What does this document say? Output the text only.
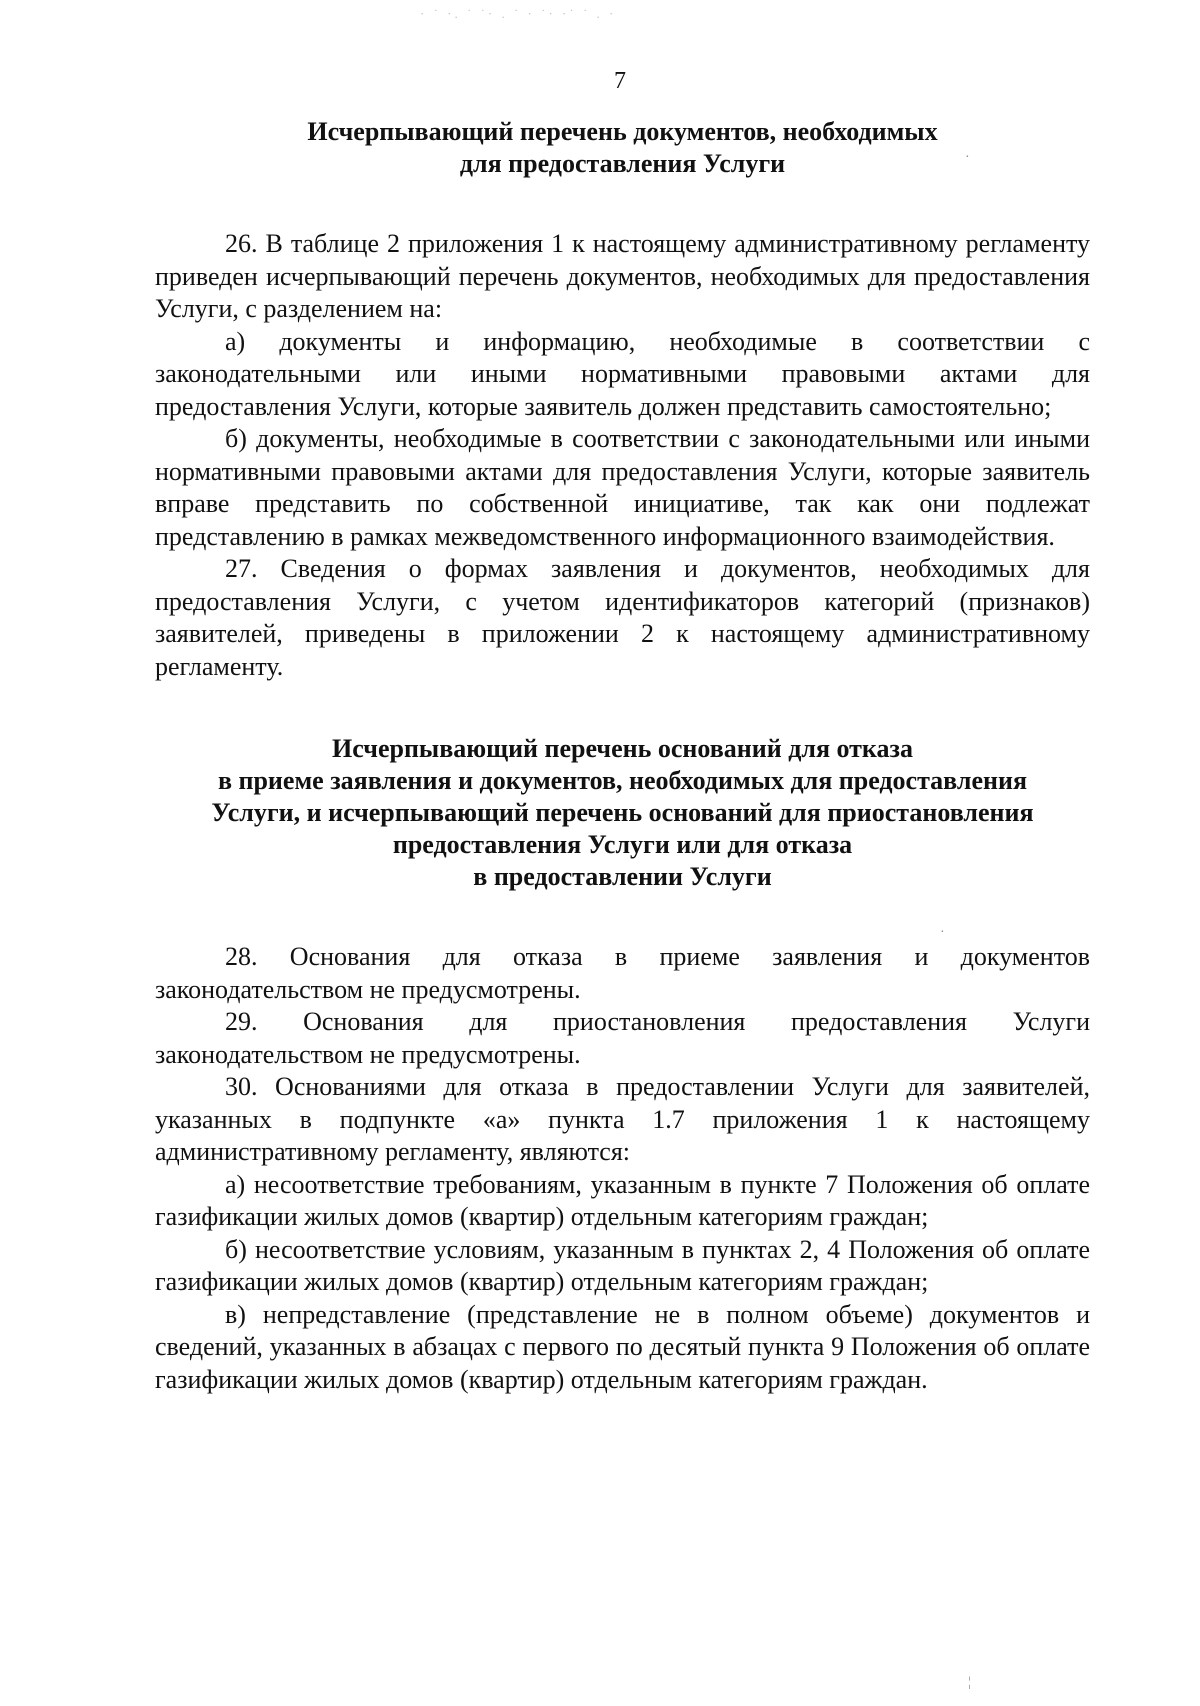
· ˙ ·. ˙ ˙· . ˙ · ˙· ·˙ ˙ . ·
7
Исчерпывающий перечень документов, необходимых
для предоставления Услуги

26. В таблице 2 приложения 1 к настоящему административному регламенту приведен исчерпывающий перечень документов, необходимых для предоставления Услуги, с разделением на:

а) документы и информацию, необходимые в соответствии с законодательными или иными нормативными правовыми актами для предоставления Услуги, которые заявитель должен представить самостоятельно;

б) документы, необходимые в соответствии с законодательными или иными нормативными правовыми актами для предоставления Услуги, которые заявитель вправе представить по собственной инициативе, так как они подлежат представлению в рамках межведомственного информационного взаимодействия.

27. Сведения о формах заявления и документов, необходимых для предоставления Услуги, с учетом идентификаторов категорий (признаков) заявителей, приведены в приложении 2 к настоящему административному регламенту.

Исчерпывающий перечень оснований для отказа
в приеме заявления и документов, необходимых для предоставления
Услуги, и исчерпывающий перечень оснований для приостановления
предоставления Услуги или для отказа
в предоставлении Услуги

28. Основания для отказа в приеме заявления и документов законодательством не предусмотрены.

29. Основания для приостановления предоставления Услуги законодательством не предусмотрены.

30. Основаниями для отказа в предоставлении Услуги для заявителей, указанных в подпункте «а» пункта 1.7 приложения 1 к настоящему административному регламенту, являются:

а) несоответствие требованиям, указанным в пункте 7 Положения об оплате газификации жилых домов (квартир) отдельным категориям граждан;

б) несоответствие условиям, указанным в пунктах 2, 4 Положения об оплате газификации жилых домов (квартир) отдельным категориям граждан;

в) непредставление (представление не в полном объеме) документов и сведений, указанных в абзацах с первого по десятый пункта 9 Положения об оплате газификации жилых домов (квартир) отдельным категориям граждан.

·
·
¦
